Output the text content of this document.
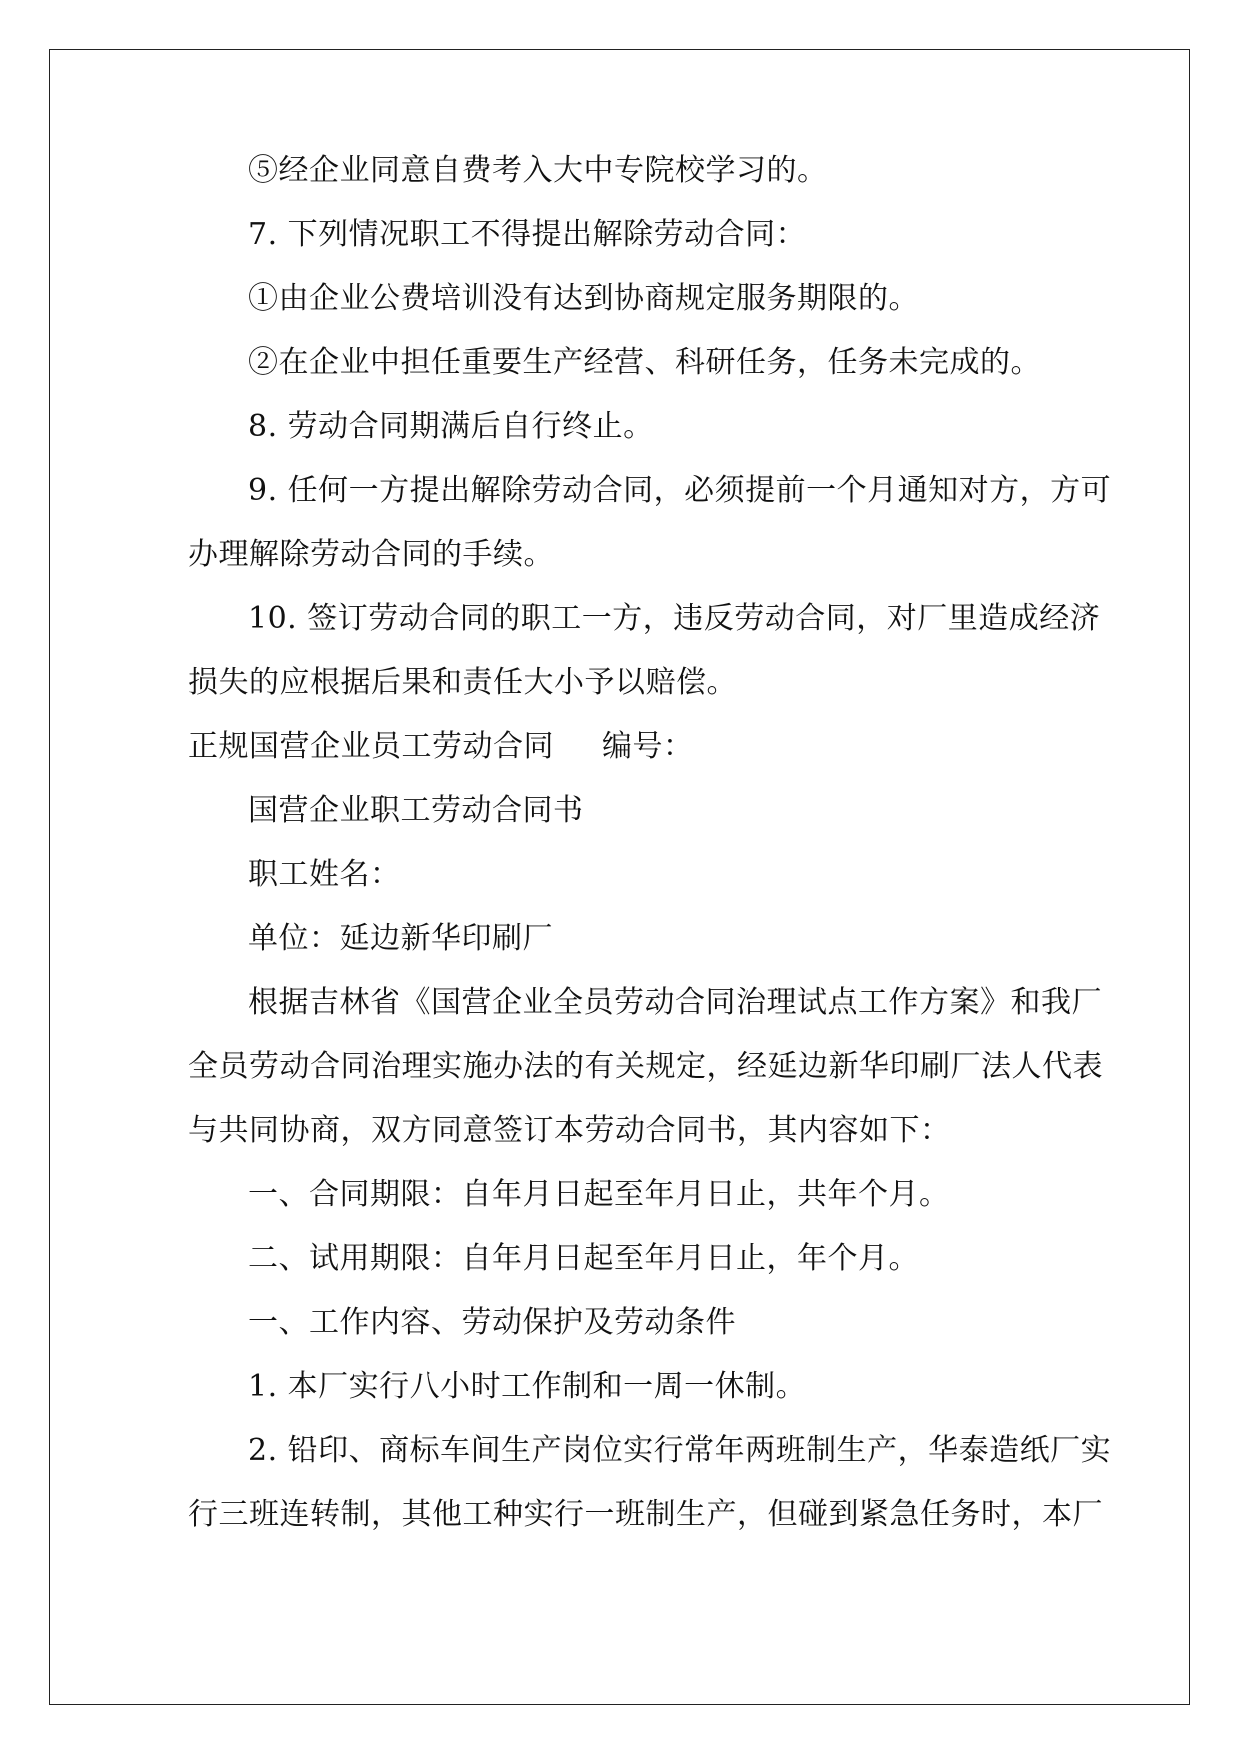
⑤经企业同意自费考入大中专院校学习的。
7. 下列情况职工不得提出解除劳动合同：
①由企业公费培训没有达到协商规定服务期限的。
②在企业中担任重要生产经营、科研任务，任务未完成的。
8. 劳动合同期满后自行终止。
9. 任何一方提出解除劳动合同，必须提前一个月通知对方，方可
办理解除劳动合同的手续。
10. 签订劳动合同的职工一方，违反劳动合同，对厂里造成经济
损失的应根据后果和责任大小予以赔偿。
正规国营企业员工劳动合同 编号：
国营企业职工劳动合同书
职工姓名：
单位：延边新华印刷厂
根据吉林省《国营企业全员劳动合同治理试点工作方案》和我厂
全员劳动合同治理实施办法的有关规定，经延边新华印刷厂法人代表
与共同协商，双方同意签订本劳动合同书，其内容如下：
一、合同期限：自年月日起至年月日止，共年个月。
二、试用期限：自年月日起至年月日止，年个月。
一、工作内容、劳动保护及劳动条件
1. 本厂实行八小时工作制和一周一休制。
2. 铅印、商标车间生产岗位实行常年两班制生产，华泰造纸厂实
行三班连转制，其他工种实行一班制生产，但碰到紧急任务时，本厂
